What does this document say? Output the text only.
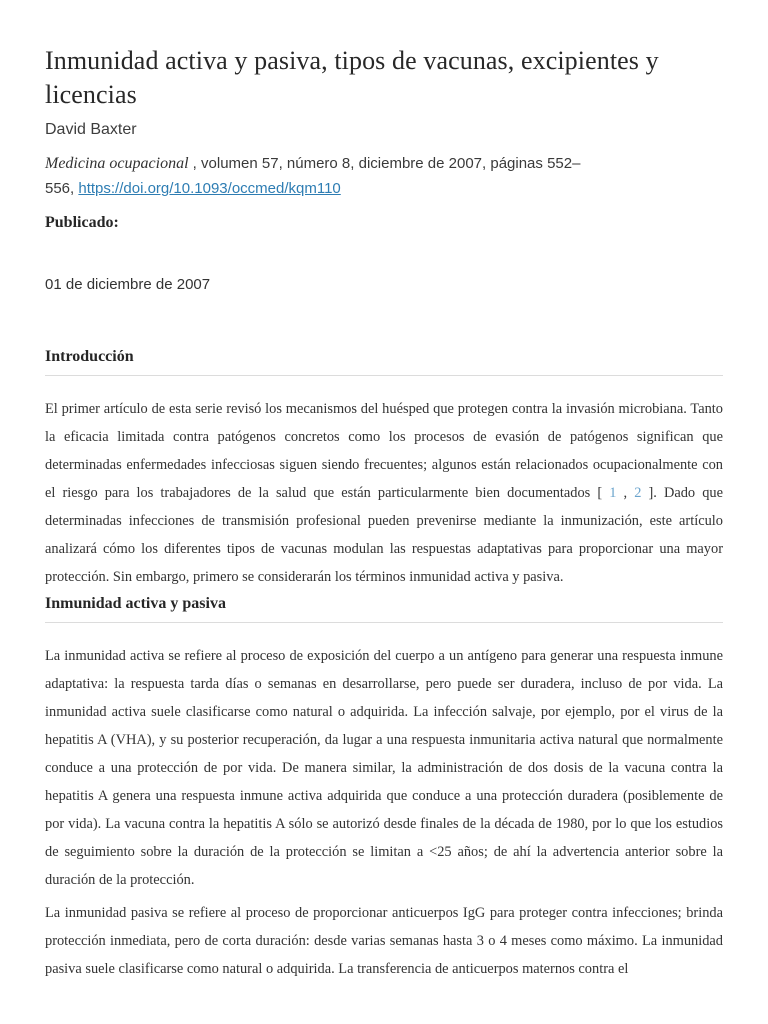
Inmunidad activa y pasiva, tipos de vacunas, excipientes y licencias
David Baxter
Medicina ocupacional , volumen 57, número 8, diciembre de 2007, páginas 552–
556, https://doi.org/10.1093/occmed/kqm110
Publicado:
01 de diciembre de 2007
Introducción

El primer artículo de esta serie revisó los mecanismos del huésped que protegen contra la invasión microbiana. Tanto la eficacia limitada contra patógenos concretos como los procesos de evasión de patógenos significan que determinadas enfermedades infecciosas siguen siendo frecuentes; algunos están relacionados ocupacionalmente con el riesgo para los trabajadores de la salud que están particularmente bien documentados [ 1 , 2 ]. Dado que determinadas infecciones de transmisión profesional pueden prevenirse mediante la inmunización, este artículo analizará cómo los diferentes tipos de vacunas modulan las respuestas adaptativas para proporcionar una mayor protección. Sin embargo, primero se considerarán los términos inmunidad activa y pasiva.

Inmunidad activa y pasiva

La inmunidad activa se refiere al proceso de exposición del cuerpo a un antígeno para generar una respuesta inmune adaptativa: la respuesta tarda días o semanas en desarrollarse, pero puede ser duradera, incluso de por vida. La inmunidad activa suele clasificarse como natural o adquirida. La infección salvaje, por ejemplo, por el virus de la hepatitis A (VHA), y su posterior recuperación, da lugar a una respuesta inmunitaria activa natural que normalmente conduce a una protección de por vida. De manera similar, la administración de dos dosis de la vacuna contra la hepatitis A genera una respuesta inmune activa adquirida que conduce a una protección duradera (posiblemente de por vida). La vacuna contra la hepatitis A sólo se autorizó desde finales de la década de 1980, por lo que los estudios de seguimiento sobre la duración de la protección se limitan a <25 años; de ahí la advertencia anterior sobre la duración de la protección.

La inmunidad pasiva se refiere al proceso de proporcionar anticuerpos IgG para proteger contra infecciones; brinda protección inmediata, pero de corta duración: desde varias semanas hasta 3 o 4 meses como máximo. La inmunidad pasiva suele clasificarse como natural o adquirida. La transferencia de anticuerpos maternos contra el
